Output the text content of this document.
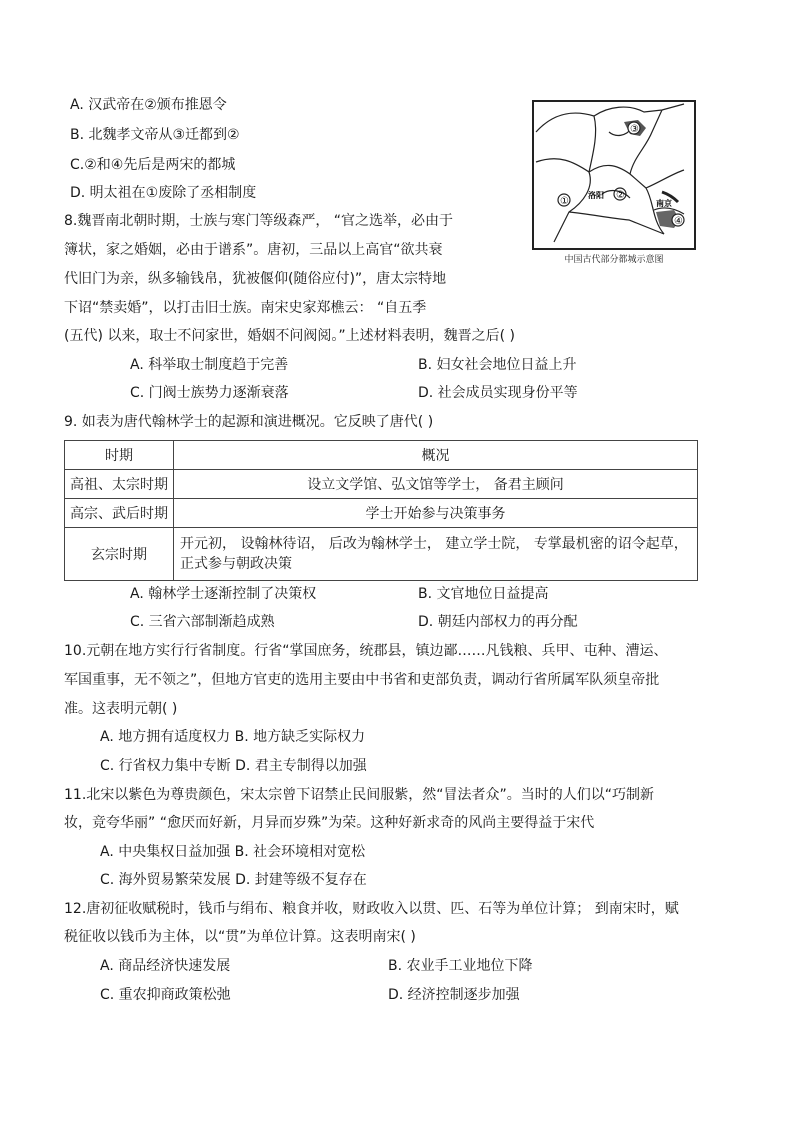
A. 汉武帝在②颁布推恩令
B. 北魏孝文帝从③迁都到②
C.②和④先后是两宋的都城
D. 明太祖在①废除了丞相制度
①
②
③
④
洛阳
南京
中国古代部分都城示意图
8.魏晋南北朝时期，士族与寒门等级森严， “官之选举，必由于
簿状，家之婚姻，必由于谱系”。唐初，三品以上高官“欲共衰
代旧门为亲，纵多输钱帛，犹被偃仰(随俗应付)”，唐太宗特地
下诏“禁卖婚”，以打击旧士族。南宋史家郑樵云： “自五季
(五代) 以来，取士不问家世，婚姻不问阀阅。”上述材料表明，魏晋之后( )
A. 科举取士制度趋于完善	B. 妇女社会地位日益上升
C. 门阀士族势力逐渐衰落	D. 社会成员实现身份平等
9. 如表为唐代翰林学士的起源和演进概况。它反映了唐代( )
时期	概况
高祖、太宗时期	设立文学馆、弘文馆等学士， 备君主顾问
高宗、武后时期	学士开始参与决策事务
玄宗时期	开元初， 设翰林待诏， 后改为翰林学士， 建立学士院， 专掌最机密的诏令起草， 正式参与朝政决策
A. 翰林学士逐渐控制了决策权	B. 文官地位日益提高
C. 三省六部制渐趋成熟	D. 朝廷内部权力的再分配
10.元朝在地方实行行省制度。行省“掌国庶务，统郡县，镇边鄙……凡钱粮、兵甲、屯种、漕运、
军国重事，无不领之”，但地方官吏的选用主要由中书省和吏部负责，调动行省所属军队须皇帝批
准。这表明元朝( )
A. 地方拥有适度权力 B. 地方缺乏实际权力
C. 行省权力集中专断 D. 君主专制得以加强
11.北宋以紫色为尊贵颜色，宋太宗曾下诏禁止民间服紫，然“冒法者众”。当时的人们以“巧制新
妆，竞夸华丽” “愈厌而好新，月异而岁殊”为荣。这种好新求奇的风尚主要得益于宋代
A. 中央集权日益加强 B. 社会环境相对宽松
C. 海外贸易繁荣发展 D. 封建等级不复存在
12.唐初征收赋税时，钱币与绢布、粮食并收，财政收入以贯、匹、石等为单位计算； 到南宋时，赋
税征收以钱币为主体，以“贯”为单位计算。这表明南宋( )
A. 商品经济快速发展	B. 农业手工业地位下降
C. 重农抑商政策松弛	D. 经济控制逐步加强
